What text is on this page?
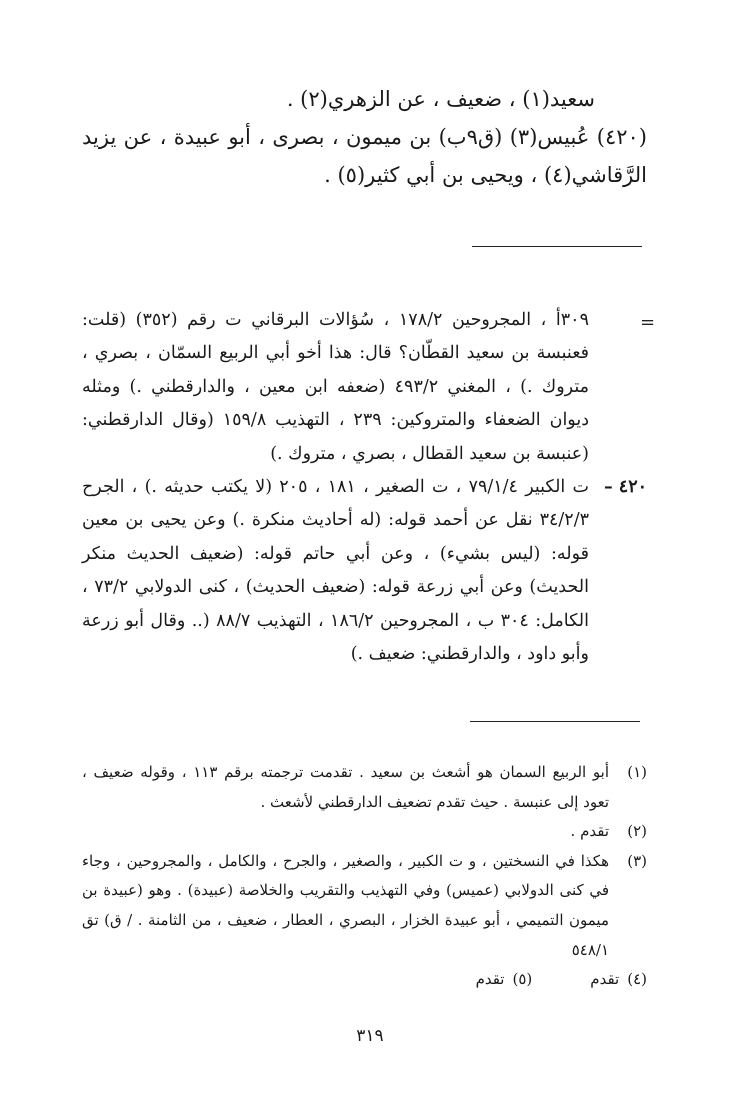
سعيد(١) ، ضعيف ، عن الزهري(٢) .

(٤٢٠) عُبيس(٣) (ق٩ب) بن ميمون ، بصرى ، أبو عبيدة ، عن يزيد الرَّقاشي(٤) ، ويحيى بن أبي كثير(٥) .

=
٣٠٩أ ، المجروحين ١٧٨/٢ ، سُؤالات البرقاني ت رقم (٣٥٢) (قلت: فعنبسة بن سعيد القطّان؟ قال: هذا أخو أبي الربيع السمّان ، بصري ، متروك .) ، المغني ٤٩٣/٢ (ضعفه ابن معين ، والدارقطني .) ومثله ديوان الضعفاء والمتروكين: ٢٣٩ ، التهذيب ١٥٩/٨ (وقال الدارقطني: (عنبسة بن سعيد القطال ، بصري ، متروك .)
٤٢٠ –
ت الكبير ٧٩/١/٤ ، ت الصغير ، ١٨١ ، ٢٠٥ (لا يكتب حديثه .) ، الجرح ٣٤/٢/٣ نقل عن أحمد قوله: (له أحاديث منكرة .) وعن يحيى بن معين قوله: (ليس بشيء) ، وعن أبي حاتم قوله: (ضعيف الحديث منكر الحديث) وعن أبي زرعة قوله: (ضعيف الحديث) ، كنى الدولابي ٧٣/٢ ، الكامل: ٣٠٤ ب ، المجروحين ١٨٦/٢ ، التهذيب ٨٨/٧ (.. وقال أبو زرعة وأبو داود ، والدارقطني: ضعيف .)
(١)
أبو الربيع السمان هو أشعث بن سعيد . تقدمت ترجمته برقم ١١٣ ، وقوله ضعيف ، تعود إلى عنبسة . حيث تقدم تضعيف الدارقطني لأشعث .
(٢)
تقدم .
(٣)
هكذا في النسختين ، و ت الكبير ، والصغير ، والجرح ، والكامل ، والمجروحين ، وجاء في كنى الدولابي (عميس) وفي التهذيب والتقريب والخلاصة (عبيدة) . وهو (عبيدة بن ميمون التميمي ، أبو عبيدة الخزار ، البصري ، العطار ، ضعيف ، من الثامنة . / ق) تق ٥٤٨/١
(٤)
تقدم
(٥)
تقدم
٣١٩
